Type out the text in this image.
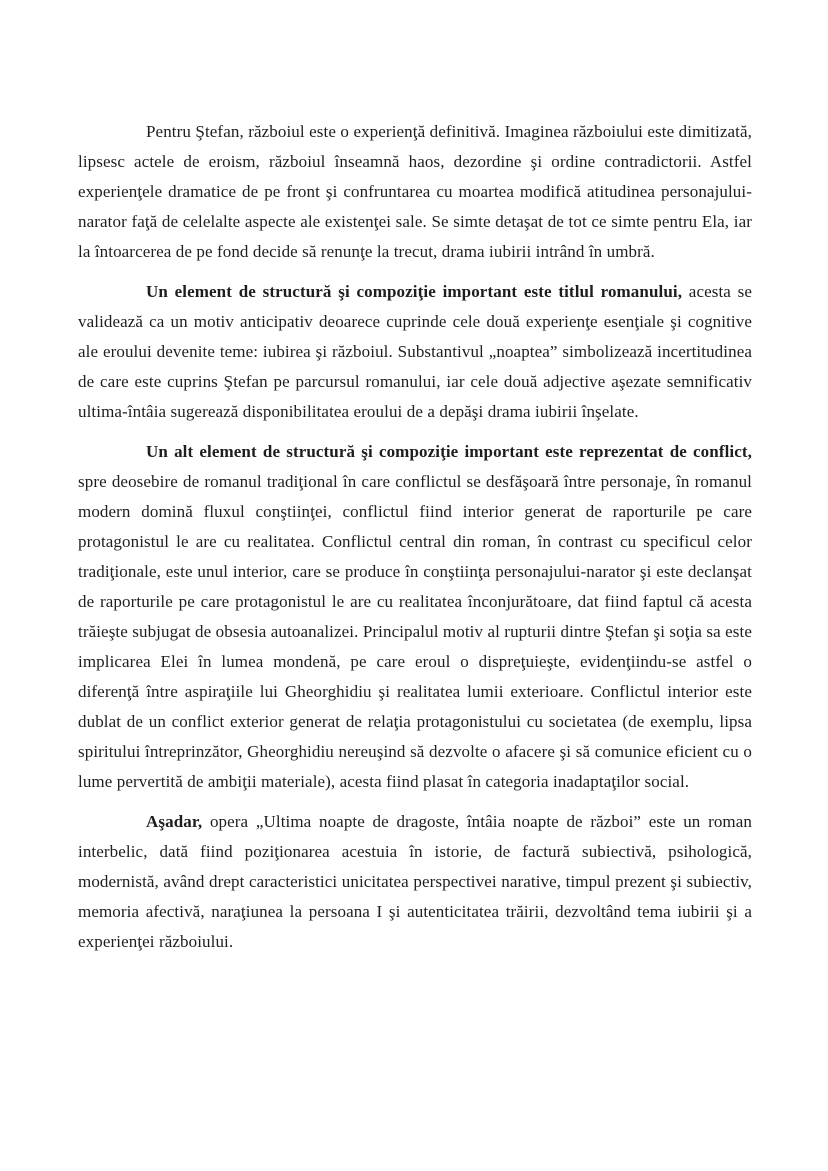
Pentru Ştefan, războiul este o experienţă definitivă. Imaginea războiului este dimitizată, lipsesc actele de eroism, războiul înseamnă haos, dezordine şi ordine contradictorii. Astfel experienţele dramatice de pe front şi confruntarea cu moartea modifică atitudinea personajului-narator faţă de celelalte aspecte ale existenţei sale. Se simte detaşat de tot ce simte pentru Ela, iar la întoarcerea de pe fond decide să renunţe la trecut, drama iubirii intrând în umbră.

Un element de structură şi compoziţie important este titlul romanului, acesta se validează ca un motiv anticipativ deoarece cuprinde cele două experienţe esenţiale şi cognitive ale eroului devenite teme: iubirea şi războiul. Substantivul „noaptea” simbolizează incertitudinea de care este cuprins Ştefan pe parcursul romanului, iar cele două adjective aşezate semnificativ ultima-întâia sugerează disponibilitatea eroului de a depăşi drama iubirii înşelate.

Un alt element de structură şi compoziţie important este reprezentat de conflict, spre deosebire de romanul tradiţional în care conflictul se desfăşoară între personaje, în romanul modern domină fluxul conştiinţei, conflictul fiind interior generat de raporturile pe care protagonistul le are cu realitatea. Conflictul central din roman, în contrast cu specificul celor tradiţionale, este unul interior, care se produce în conştiinţa personajului-narator şi este declanşat de raporturile pe care protagonistul le are cu realitatea înconjurătoare, dat fiind faptul că acesta trăieşte subjugat de obsesia autoanalizei. Principalul motiv al rupturii dintre Ştefan şi soţia sa este implicarea Elei în lumea mondenă, pe care eroul o dispreţuieşte, evidenţiindu-se astfel o diferenţă între aspiraţiile lui Gheorghidiu şi realitatea lumii exterioare. Conflictul interior este dublat de un conflict exterior generat de relaţia protagonistului cu societatea (de exemplu, lipsa spiritului întreprinzător, Gheorghidiu nereuşind să dezvolte o afacere şi să comunice eficient cu o lume pervertită de ambiţii materiale), acesta fiind plasat în categoria inadaptaţilor social.

Aşadar, opera „Ultima noapte de dragoste, întâia noapte de război” este un roman interbelic, dată fiind poziţionarea acestuia în istorie, de factură subiectivă, psihologică, modernistă, având drept caracteristici unicitatea perspectivei narative, timpul prezent şi subiectiv, memoria afectivă, naraţiunea la persoana I şi autenticitatea trăirii, dezvoltând tema iubirii şi a experienţei războiului.
